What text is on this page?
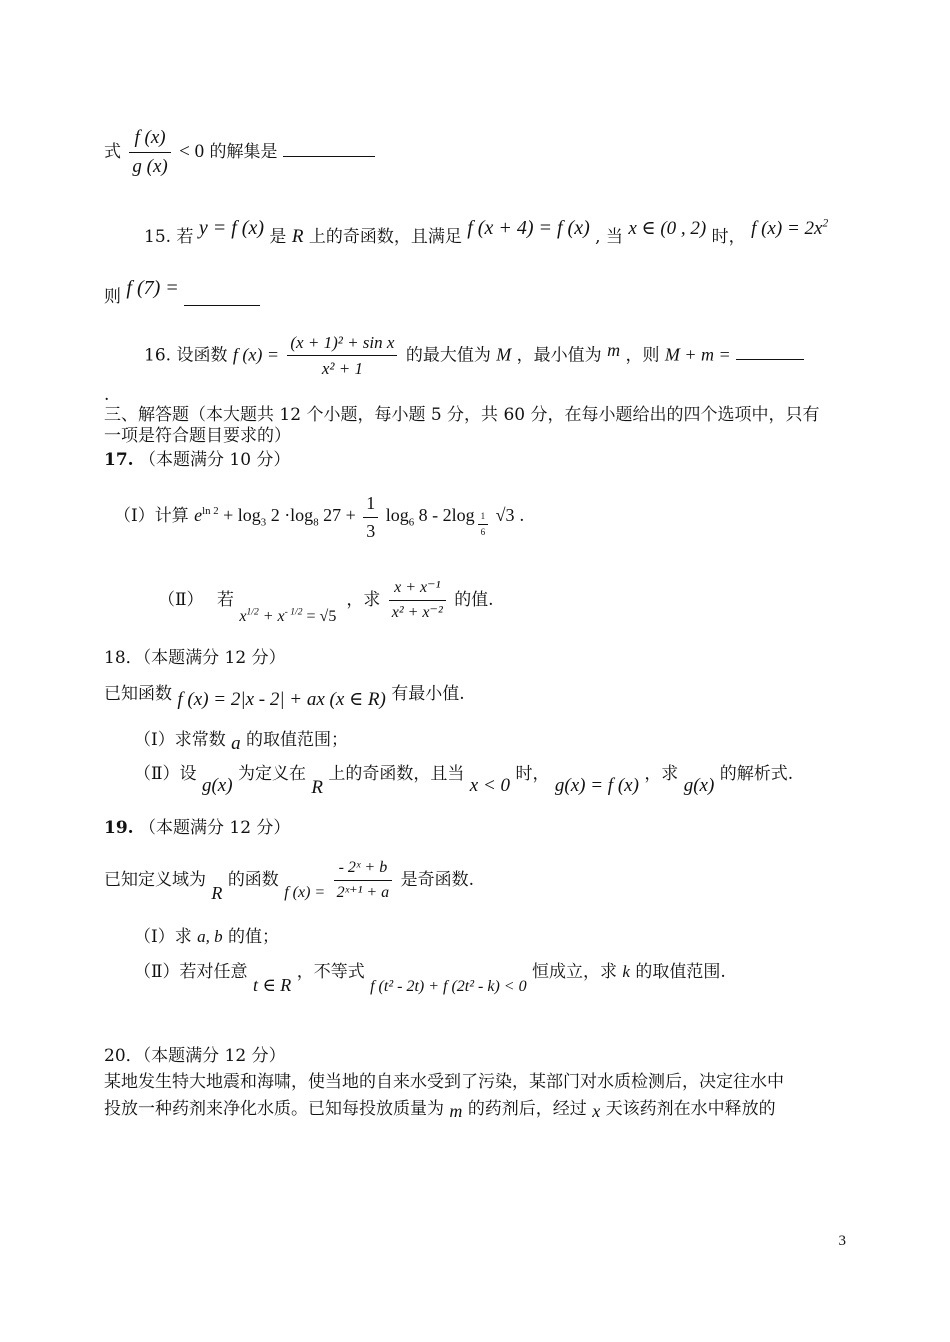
式 $\frac{f (x)}{g (x)} < 0$ 的解集是
15. 若 y = f (x) 是 R 上的奇函数，且满足 f (x + 4) = f (x) , 当 x ∈ (0 , 2) 时， f $(x) = 2x^2$
则 f (7) =
16. 设函数 f $(x) = \frac{\text{(x + 1)² + sin x}}{\text{x² + 1}}$ 的最大值为 M ，最小值为 m ，则 M + m =
.
三、解答题（本大题共 12 个小题，每小题 5 分，共 60 分，在每小题给出的四个选项中，只有
一项是符合题目要求的）
17. （本题满分 10 分）
（Ⅰ）计算 $e^{ln 2} + \log_3 2 \cdot\log_8$ $27 + \frac{1}{3} \log_6 8 - 2\log \frac{1}{6} √3$ .
（Ⅱ） 若 $x^{1/2} + x^{- 1/2} = √5$ ，求 $\frac{\text{x + x⁻¹}}{\text{x² + x⁻²}}$ 的值.
18．（本题满分 12 分）
已知函数 f (x) = 2|x - 2| + ax (x ∈ R) 有最小值.
（Ⅰ）求常数 a 的取值范围；
（Ⅱ）设 g(x) 为定义在 R 上的奇函数，且当 x < 0 时， g(x) = f (x) ，求 g(x) 的解析式.
19. （本题满分 12 分）
已知定义域为 R 的函数 f $(x) = \frac{\text{- 2ˣ + b}}{\text{2ˣ⁺¹ + a}}$ 是奇函数.
（Ⅰ）求 a, b 的值；
（Ⅱ）若对任意 t ∈ R ，不等式 f (t² - 2t) + f (2t² - k) < 0 恒成立，求 k 的取值范围.
20．（本题满分 12 分）
某地发生特大地震和海啸，使当地的自来水受到了污染，某部门对水质检测后，决定往水中
投放一种药剂来净化水质。已知每投放质量为 m 的药剂后，经过 x 天该药剂在水中释放的
3
